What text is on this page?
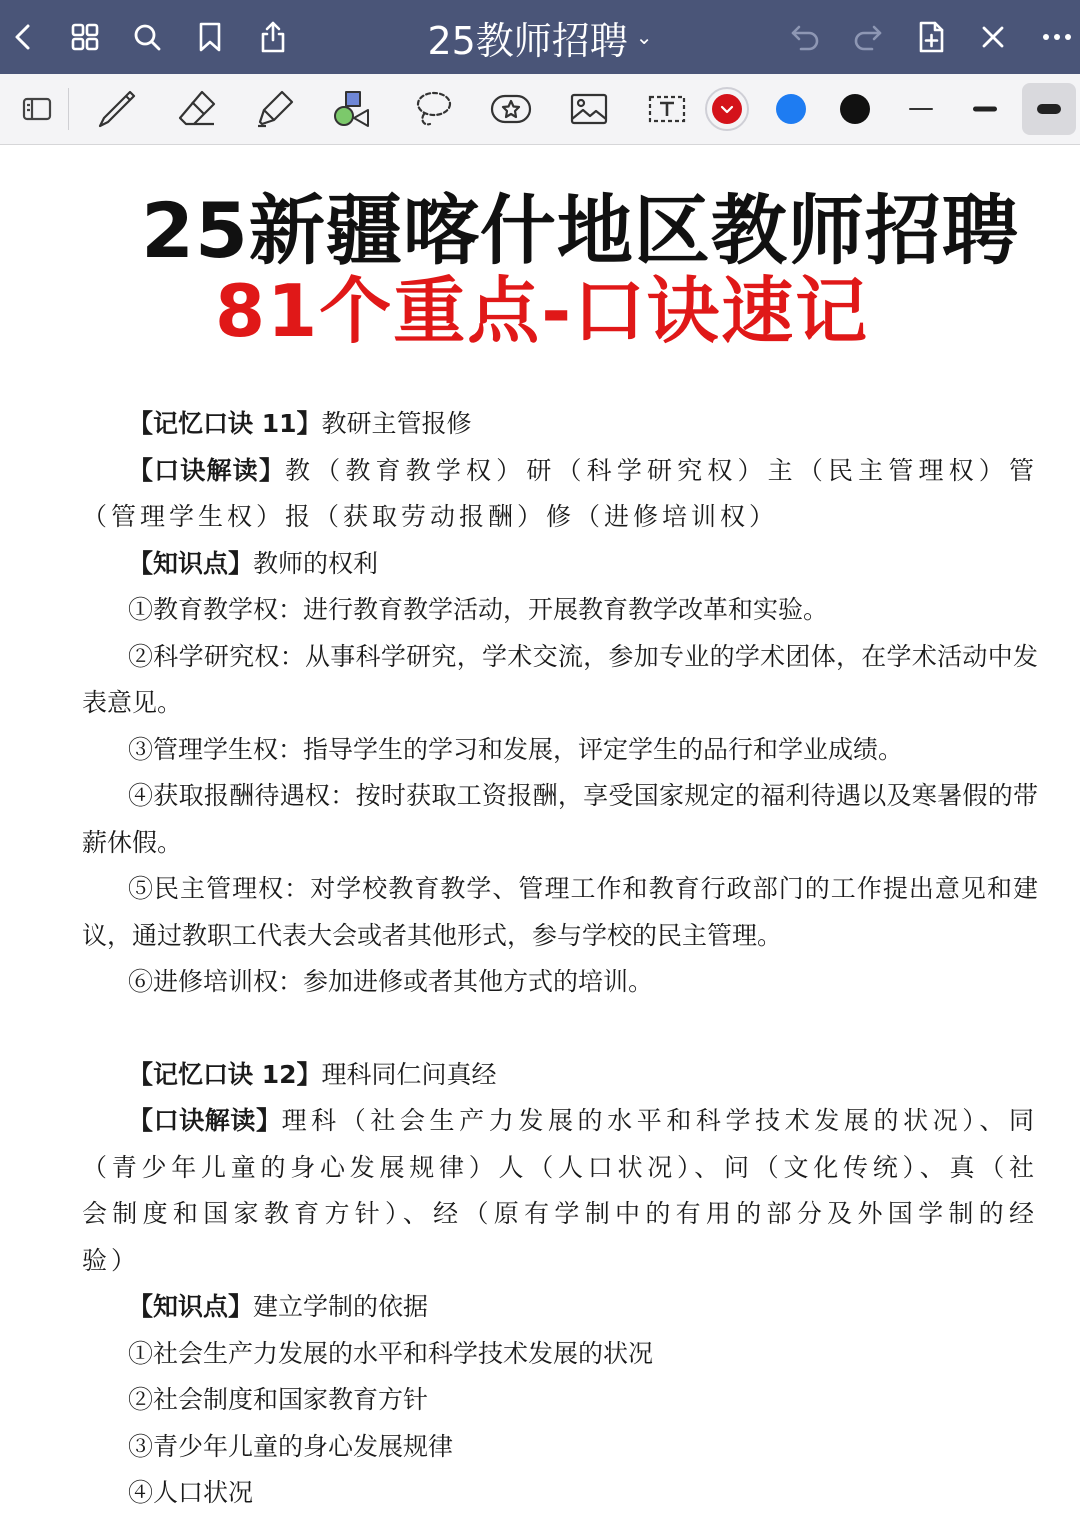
25教师招聘 ⌄
25新疆喀什地区教师招聘
81个重点-口诀速记

【记忆口诀 11】教研主管报修

【口诀解读】教（教育教学权）研（科学研究权）主（民主管理权）管（管理学生权）报（获取劳动报酬）修（进修培训权）

【知识点】教师的权利

①教育教学权：进行教育教学活动，开展教育教学改革和实验。

②科学研究权：从事科学研究，学术交流，参加专业的学术团体，在学术活动中发表意见。

③管理学生权：指导学生的学习和发展，评定学生的品行和学业成绩。

④获取报酬待遇权：按时获取工资报酬，享受国家规定的福利待遇以及寒暑假的带薪休假。

⑤民主管理权：对学校教育教学、管理工作和教育行政部门的工作提出意见和建议，通过教职工代表大会或者其他形式，参与学校的民主管理。

⑥进修培训权：参加进修或者其他方式的培训。

【记忆口诀 12】理科同仁问真经

【口诀解读】理科（社会生产力发展的水平和科学技术发展的状况）、同（青少年儿童的身心发展规律）人（人口状况）、问（文化传统）、真（社会制度和国家教育方针）、经（原有学制中的有用的部分及外国学制的经验）

【知识点】建立学制的依据

①社会生产力发展的水平和科学技术发展的状况

②社会制度和国家教育方针

③青少年儿童的身心发展规律

④人口状况
